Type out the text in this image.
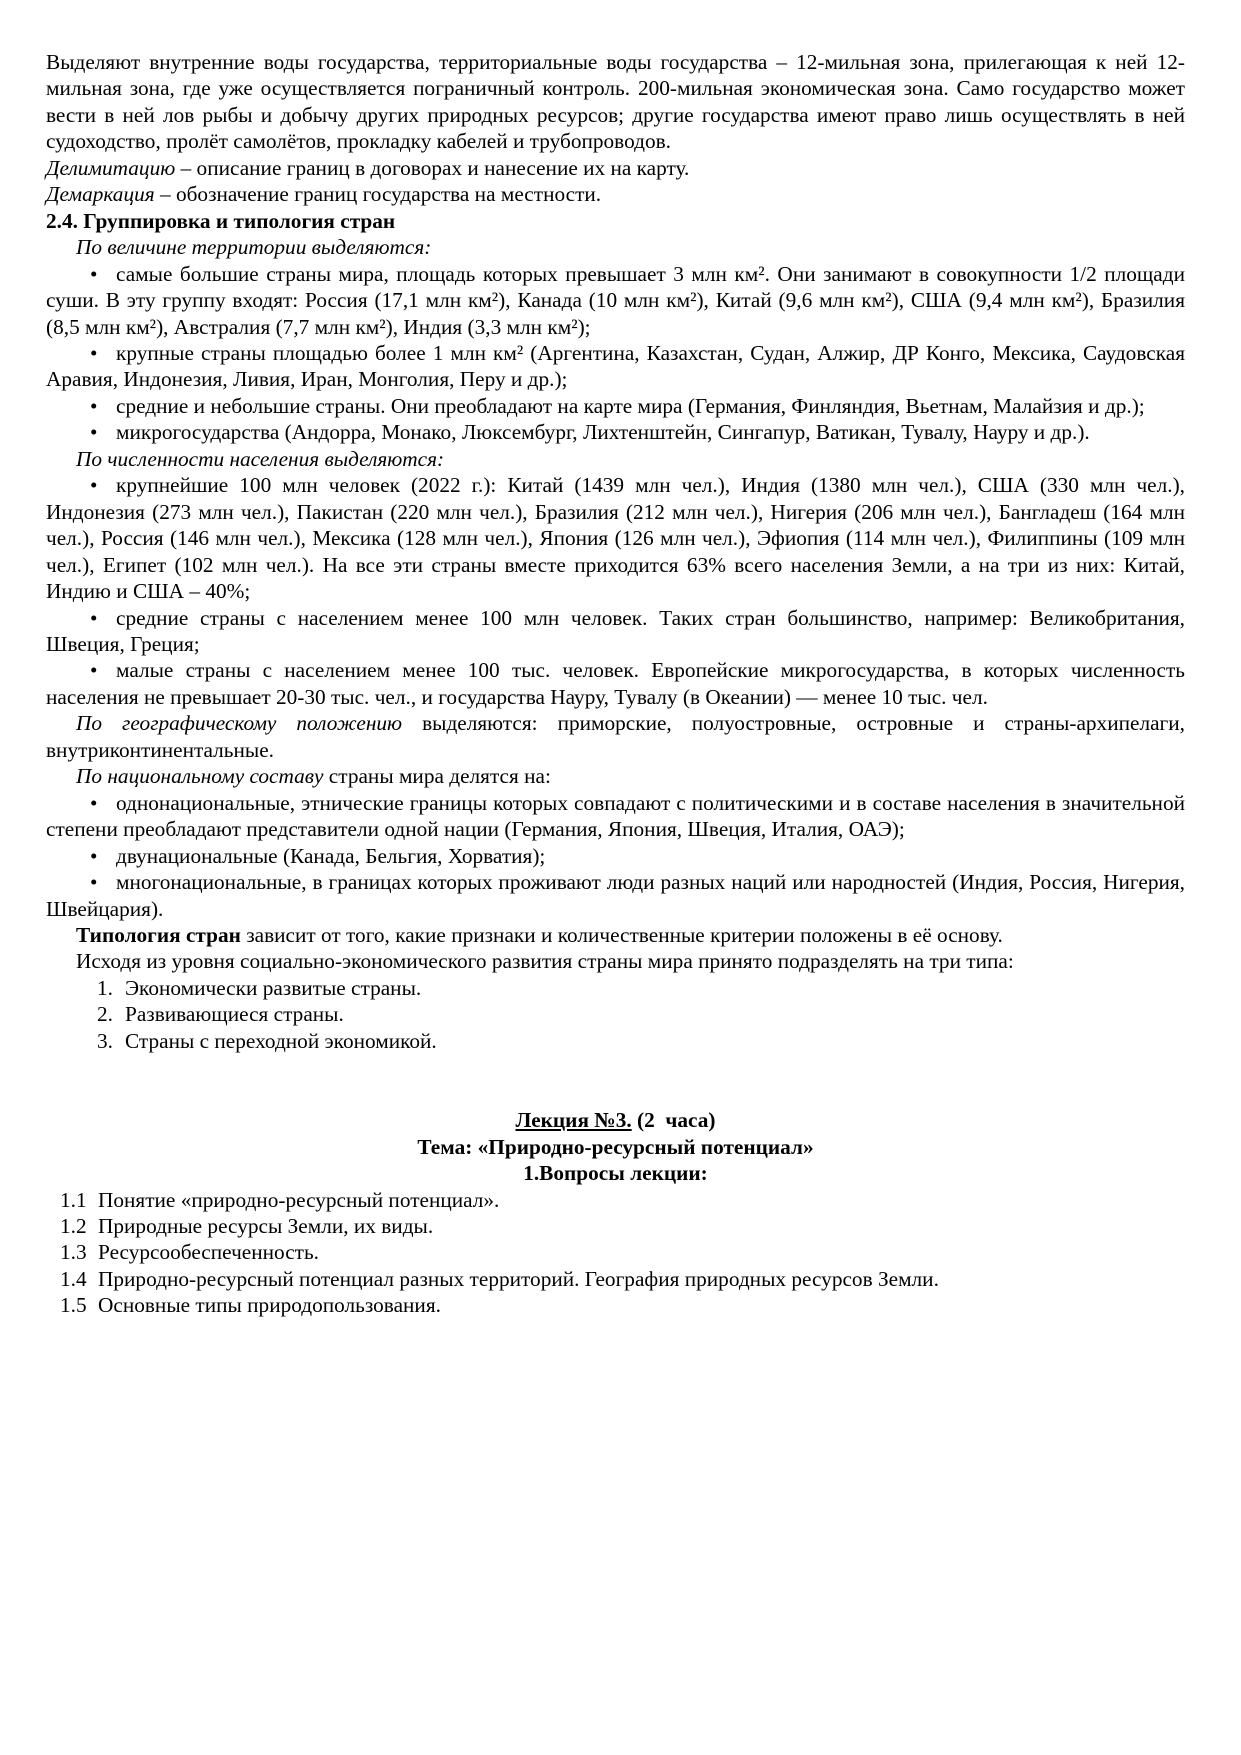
Выделяют внутренние воды государства, территориальные воды государства – 12-мильная зона, прилегающая к ней 12-мильная зона, где уже осуществляется пограничный контроль. 200-мильная экономическая зона. Само государство может вести в ней лов рыбы и добычу других природных ресурсов; другие государства имеют право лишь осуществлять в ней судоходство, пролёт самолётов, прокладку кабелей и трубопроводов.

Делимитацию – описание границ в договорах и нанесение их на карту.

Демаркация – обозначение границ государства на местности.

2.4. Группировка и типология стран

По величине территории выделяются:

• самые большие страны мира, площадь которых превышает 3 млн км². Они занимают в совокупности 1/2 площади суши. В эту группу входят: Россия (17,1 млн км²), Канада (10 млн км²), Китай (9,6 млн км²), США (9,4 млн км²), Бразилия (8,5 млн км²), Австралия (7,7 млн км²), Индия (3,3 млн км²);

• крупные страны площадью более 1 млн км² (Аргентина, Казахстан, Судан, Алжир, ДР Конго, Мексика, Саудовская Аравия, Индонезия, Ливия, Иран, Монголия, Перу и др.);

• средние и небольшие страны. Они преобладают на карте мира (Германия, Финляндия, Вьетнам, Малайзия и др.);

• микрогосударства (Андорра, Монако, Люксембург, Лихтенштейн, Сингапур, Ватикан, Тувалу, Науру и др.).

По численности населения выделяются:

• крупнейшие 100 млн человек (2022 г.): Китай (1439 млн чел.), Индия (1380 млн чел.), США (330 млн чел.), Индонезия (273 млн чел.), Пакистан (220 млн чел.), Бразилия (212 млн чел.), Нигерия (206 млн чел.), Бангладеш (164 млн чел.), Россия (146 млн чел.), Мексика (128 млн чел.), Япония (126 млн чел.), Эфиопия (114 млн чел.), Филиппины (109 млн чел.), Египет (102 млн чел.). На все эти страны вместе приходится 63% всего населения Земли, а на три из них: Китай, Индию и США – 40%;

• средние страны с населением менее 100 млн человек. Таких стран большинство, например: Великобритания, Швеция, Греция;

• малые страны с населением менее 100 тыс. человек. Европейские микрогосударства, в которых численность населения не превышает 20-30 тыс. чел., и государства Науру, Тувалу (в Океании) — менее 10 тыс. чел.

По географическому положению выделяются: приморские, полуостровные, островные и страны-архипелаги, внутриконтинентальные.

По национальному составу страны мира делятся на:

• однонациональные, этнические границы которых совпадают с политическими и в составе населения в значительной степени преобладают представители одной нации (Германия, Япония, Швеция, Италия, ОАЭ);

• двунациональные (Канада, Бельгия, Хорватия);

• многонациональные, в границах которых проживают люди разных наций или народностей (Индия, Россия, Нигерия, Швейцария).

Типология стран зависит от того, какие признаки и количественные критерии положены в её основу.

Исходя из уровня социально-экономического развития страны мира принято подразделять на три типа:

1. Экономически развитые страны.

2. Развивающиеся страны.

3. Страны с переходной экономикой.

Лекция №3. (2  часа)

Тема: «Природно-ресурсный потенциал»

1.Вопросы лекции:

1.1 Понятие «природно-ресурсный потенциал».

1.2 Природные ресурсы Земли, их виды.

1.3 Ресурсообеспеченность.

1.4 Природно-ресурсный потенциал разных территорий. География природных ресурсов Земли.

1.5 Основные типы природопользования.
